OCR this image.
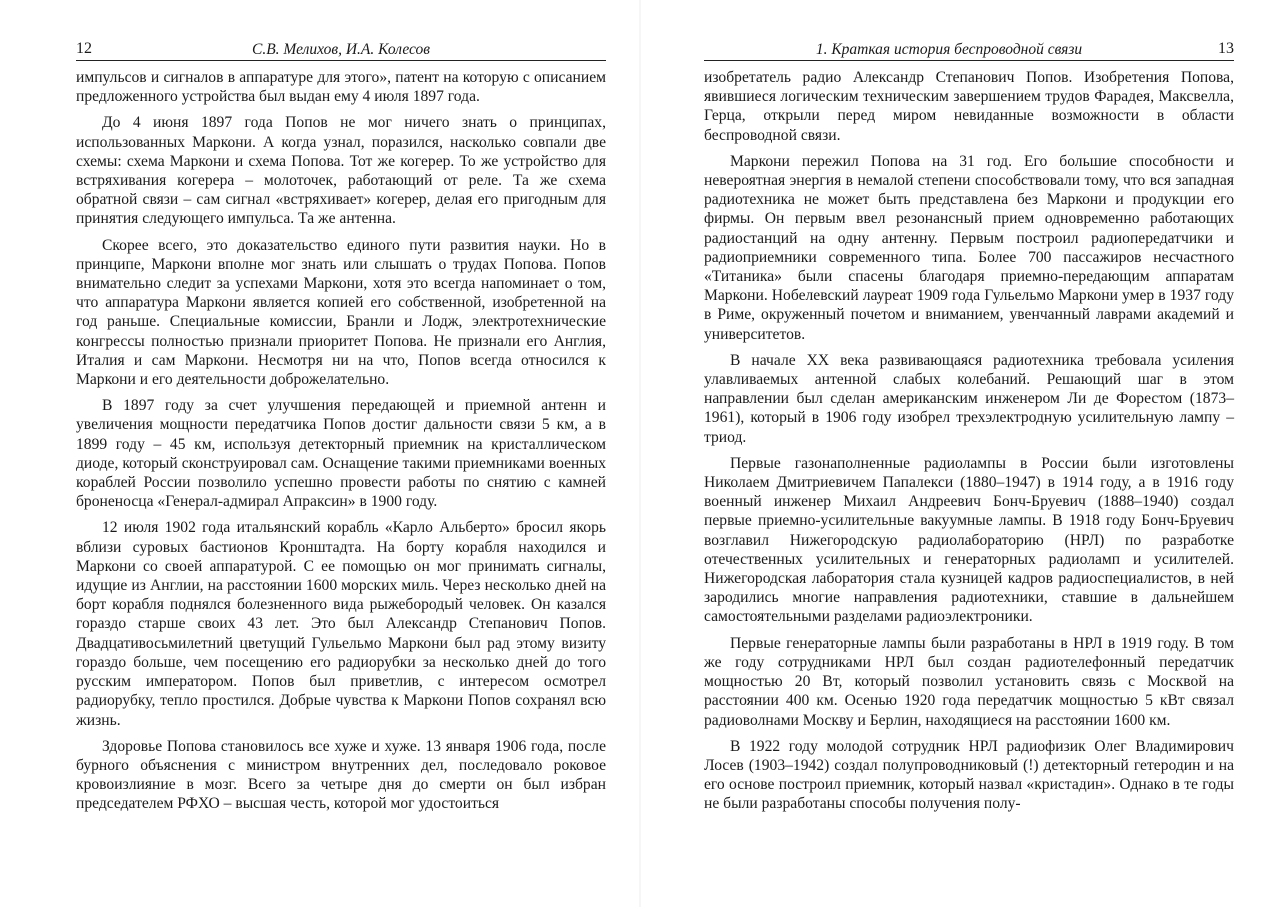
12	С.В. Мелихов, И.А. Колесов

импульсов и сигналов в аппаратуре для этого», патент на которую с описанием предложенного устройства был выдан ему 4 июля 1897 года.

До 4 июня 1897 года Попов не мог ничего знать о принципах, использованных Маркони. А когда узнал, поразился, насколько совпали две схемы: схема Маркони и схема Попова. Тот же когерер. То же устройство для встряхивания когерера – молоточек, работающий от реле. Та же схема обратной связи – сам сигнал «встряхивает» когерер, делая его пригодным для принятия следующего импульса. Та же антенна.

Скорее всего, это доказательство единого пути развития науки. Но в принципе, Маркони вполне мог знать или слышать о трудах Попова. Попов внимательно следит за успехами Маркони, хотя это всегда напоминает о том, что аппаратура Маркони является копией его собственной, изобретенной на год раньше. Специальные комиссии, Бранли и Лодж, электротехнические конгрессы полностью признали приоритет Попова. Не признали его Англия, Италия и сам Маркони. Несмотря ни на что, Попов всегда относился к Маркони и его деятельности доброжелательно.

В 1897 году за счет улучшения передающей и приемной антенн и увеличения мощности передатчика Попов достиг дальности связи 5 км, а в 1899 году – 45 км, используя детекторный приемник на кристаллическом диоде, который сконструировал сам. Оснащение такими приемниками военных кораблей России позволило успешно провести работы по снятию с камней броненосца «Генерал-адмирал Апраксин» в 1900 году.

12 июля 1902 года итальянский корабль «Карло Альберто» бросил якорь вблизи суровых бастионов Кронштадта. На борту корабля находился и Маркони со своей аппаратурой. С ее помощью он мог принимать сигналы, идущие из Англии, на расстоянии 1600 морских миль. Через несколько дней на борт корабля поднялся болезненного вида рыжебородый человек. Он казался гораздо старше своих 43 лет. Это был Александр Степанович Попов. Двадцативосьмилетний цветущий Гульельмо Маркони был рад этому визиту гораздо больше, чем посещению его радиорубки за несколько дней до того русским императором. Попов был приветлив, с интересом осмотрел радиорубку, тепло простился. Добрые чувства к Маркони Попов сохранял всю жизнь.

Здоровье Попова становилось все хуже и хуже. 13 января 1906 года, после бурного объяснения с министром внутренних дел, последовало роковое кровоизлияние в мозг. Всего за четыре дня до смерти он был избран председателем РФХО – высшая честь, которой мог удостоиться

1. Краткая история беспроводной связи	13

изобретатель радио Александр Степанович Попов. Изобретения Попова, явившиеся логическим техническим завершением трудов Фарадея, Максвелла, Герца, открыли перед миром невиданные возможности в области беспроводной связи.

Маркони пережил Попова на 31 год. Его большие способности и невероятная энергия в немалой степени способствовали тому, что вся западная радиотехника не может быть представлена без Маркони и продукции его фирмы. Он первым ввел резонансный прием одновременно работающих радиостанций на одну антенну. Первым построил радиопередатчики и радиоприемники современного типа. Более 700 пассажиров несчастного «Титаника» были спасены благодаря приемно-передающим аппаратам Маркони. Нобелевский лауреат 1909 года Гульельмо Маркони умер в 1937 году в Риме, окруженный почетом и вниманием, увенчанный лаврами академий и университетов.

В начале XX века развивающаяся радиотехника требовала усиления улавливаемых антенной слабых колебаний. Решающий шаг в этом направлении был сделан американским инженером Ли де Форестом (1873–1961), который в 1906 году изобрел трехэлектродную усилительную лампу – триод.

Первые газонаполненные радиолампы в России были изготовлены Николаем Дмитриевичем Папалекси (1880–1947) в 1914 году, а в 1916 году военный инженер Михаил Андреевич Бонч-Бруевич (1888–1940) создал первые приемно-усилительные вакуумные лампы. В 1918 году Бонч-Бруевич возглавил Нижегородскую радиолабораторию (НРЛ) по разработке отечественных усилительных и генераторных радиоламп и усилителей. Нижегородская лаборатория стала кузницей кадров радиоспециалистов, в ней зародились многие направления радиотехники, ставшие в дальнейшем самостоятельными разделами радиоэлектроники.

Первые генераторные лампы были разработаны в НРЛ в 1919 году. В том же году сотрудниками НРЛ был создан радиотелефонный передатчик мощностью 20 Вт, который позволил установить связь с Москвой на расстоянии 400 км. Осенью 1920 года передатчик мощностью 5 кВт связал радиоволнами Москву и Берлин, находящиеся на расстоянии 1600 км.

В 1922 году молодой сотрудник НРЛ радиофизик Олег Владимирович Лосев (1903–1942) создал полупроводниковый (!) детекторный гетеродин и на его основе построил приемник, который назвал «кристадин». Однако в те годы не были разработаны способы получения полу-
